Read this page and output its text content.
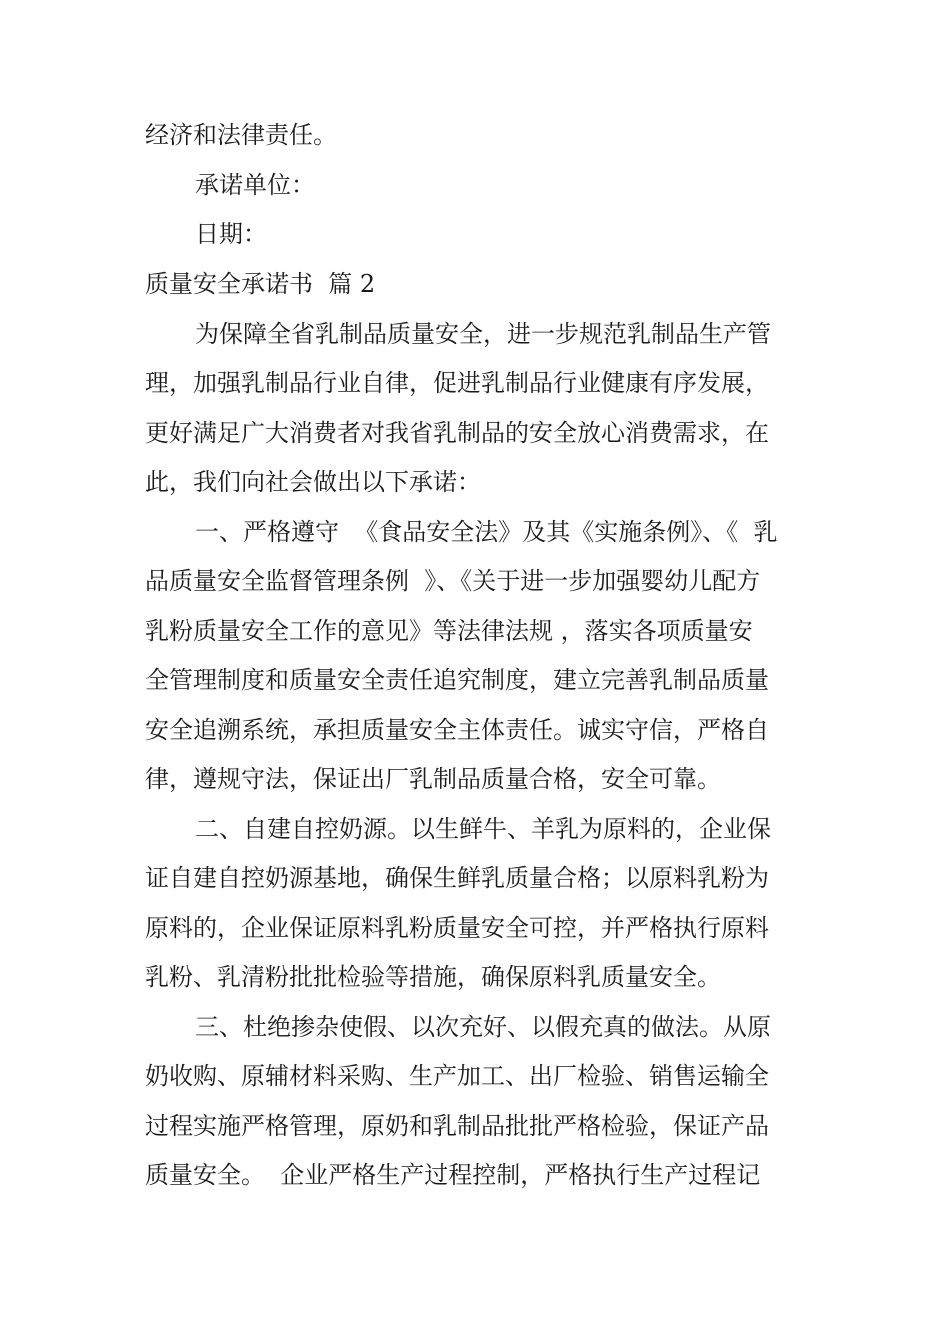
经济和法律责任。
承诺单位：
日期：
质量安全承诺书  篇 2
为保障全省乳制品质量安全，进一步规范乳制品生产管
理，加强乳制品行业自律，促进乳制品行业健康有序发展，
更好满足广大消费者对我省乳制品的安全放心消费需求，在
此，我们向社会做出以下承诺：
一、严格遵守  《食品安全法》及其《实施条例》、《  乳
品质量安全监督管理条例  》、《关于进一步加强婴幼儿配方
乳粉质量安全工作的意见》等法律法规 ，落实各项质量安
全管理制度和质量安全责任追究制度，建立完善乳制品质量
安全追溯系统，承担质量安全主体责任。诚实守信，严格自
律，遵规守法，保证出厂乳制品质量合格，安全可靠。
二、自建自控奶源。以生鲜牛、羊乳为原料的，企业保
证自建自控奶源基地，确保生鲜乳质量合格；以原料乳粉为
原料的，企业保证原料乳粉质量安全可控，并严格执行原料
乳粉、乳清粉批批检验等措施，确保原料乳质量安全。
三、杜绝掺杂使假、以次充好、以假充真的做法。从原
奶收购、原辅材料采购、生产加工、出厂检验、销售运输全
过程实施严格管理，原奶和乳制品批批严格检验，保证产品
质量安全。  企业严格生产过程控制，严格执行生产过程记
